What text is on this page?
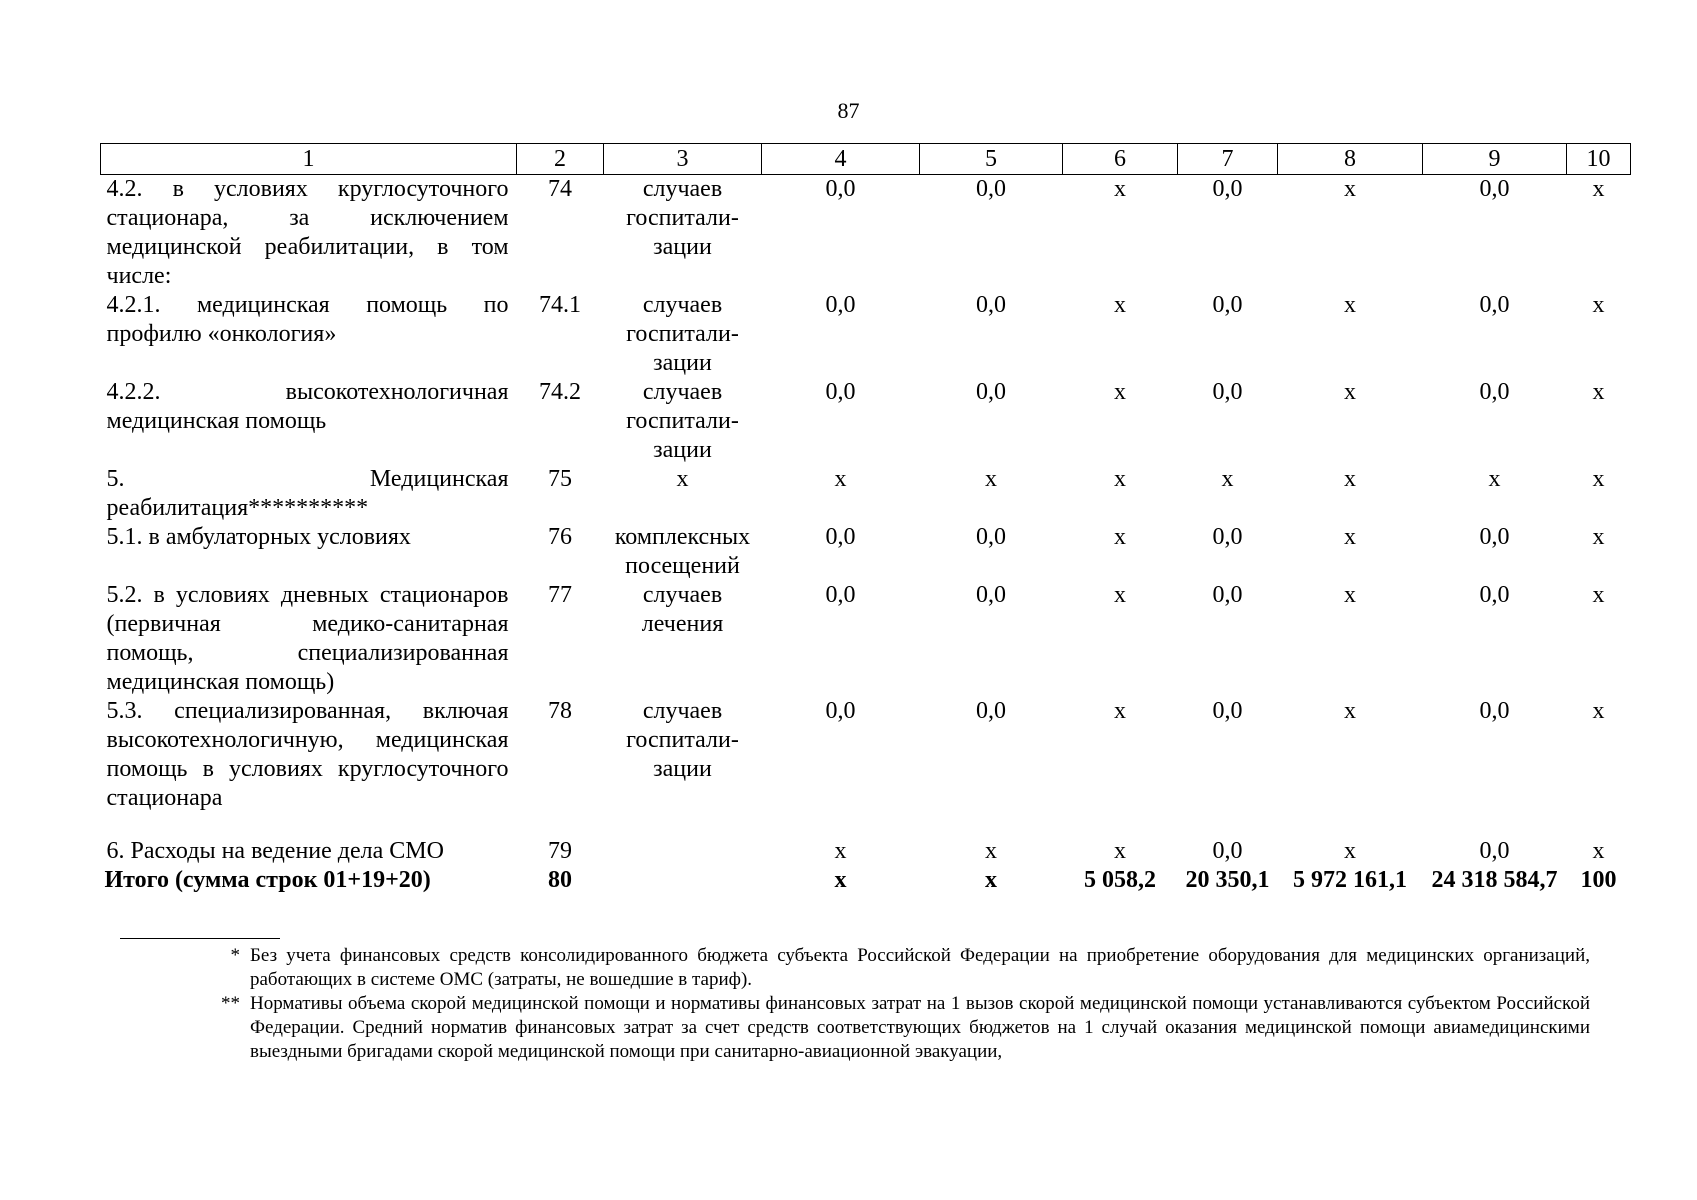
87
1	2	3	4	5	6	7	8	9	10
4.2. в условиях круглосуточного стационара, за исключением медицинской реабилитации, в том числе:	74	случаев госпитали-зации	0,0	0,0	x	0,0	x	0,0	x
4.2.1. медицинская помощь по профилю «онкология»	74.1	случаев госпитали-зации	0,0	0,0	x	0,0	x	0,0	x
4.2.2. высокотехнологичная медицинская помощь	74.2	случаев госпитали-зации	0,0	0,0	x	0,0	x	0,0	x
5. Медицинская реабилитация**********	75	x	x	x	x	x	x	x	x
5.1. в амбулаторных условиях	76	комплексных посещений	0,0	0,0	x	0,0	x	0,0	x
5.2. в условиях дневных стационаров (первичная медико-санитарная помощь, специализированная медицинская помощь)	77	случаев лечения	0,0	0,0	x	0,0	x	0,0	x
5.3. специализированная, включая высокотехнологичную, медицинская помощь в условиях круглосуточного стационара	78	случаев госпитали-зации	0,0	0,0	x	0,0	x	0,0	x

6. Расходы на ведение дела СМО	79		x	x	x	0,0	x	0,0	x
Итого (сумма строк 01+19+20)	80		x	x	5 058,2	20 350,1	5 972 161,1	24 318 584,7	100
* Без учета финансовых средств консолидированного бюджета субъекта Российской Федерации на приобретение оборудования для медицинских организаций, работающих в системе ОМС (затраты, не вошедшие в тариф).
** Нормативы объема скорой медицинской помощи и нормативы финансовых затрат на 1 вызов скорой медицинской помощи устанавливаются субъектом Российской Федерации. Средний норматив финансовых затрат за счет средств соответствующих бюджетов на 1 случай оказания медицинской помощи авиамедицинскими выездными бригадами скорой медицинской помощи при санитарно-авиационной эвакуации,
